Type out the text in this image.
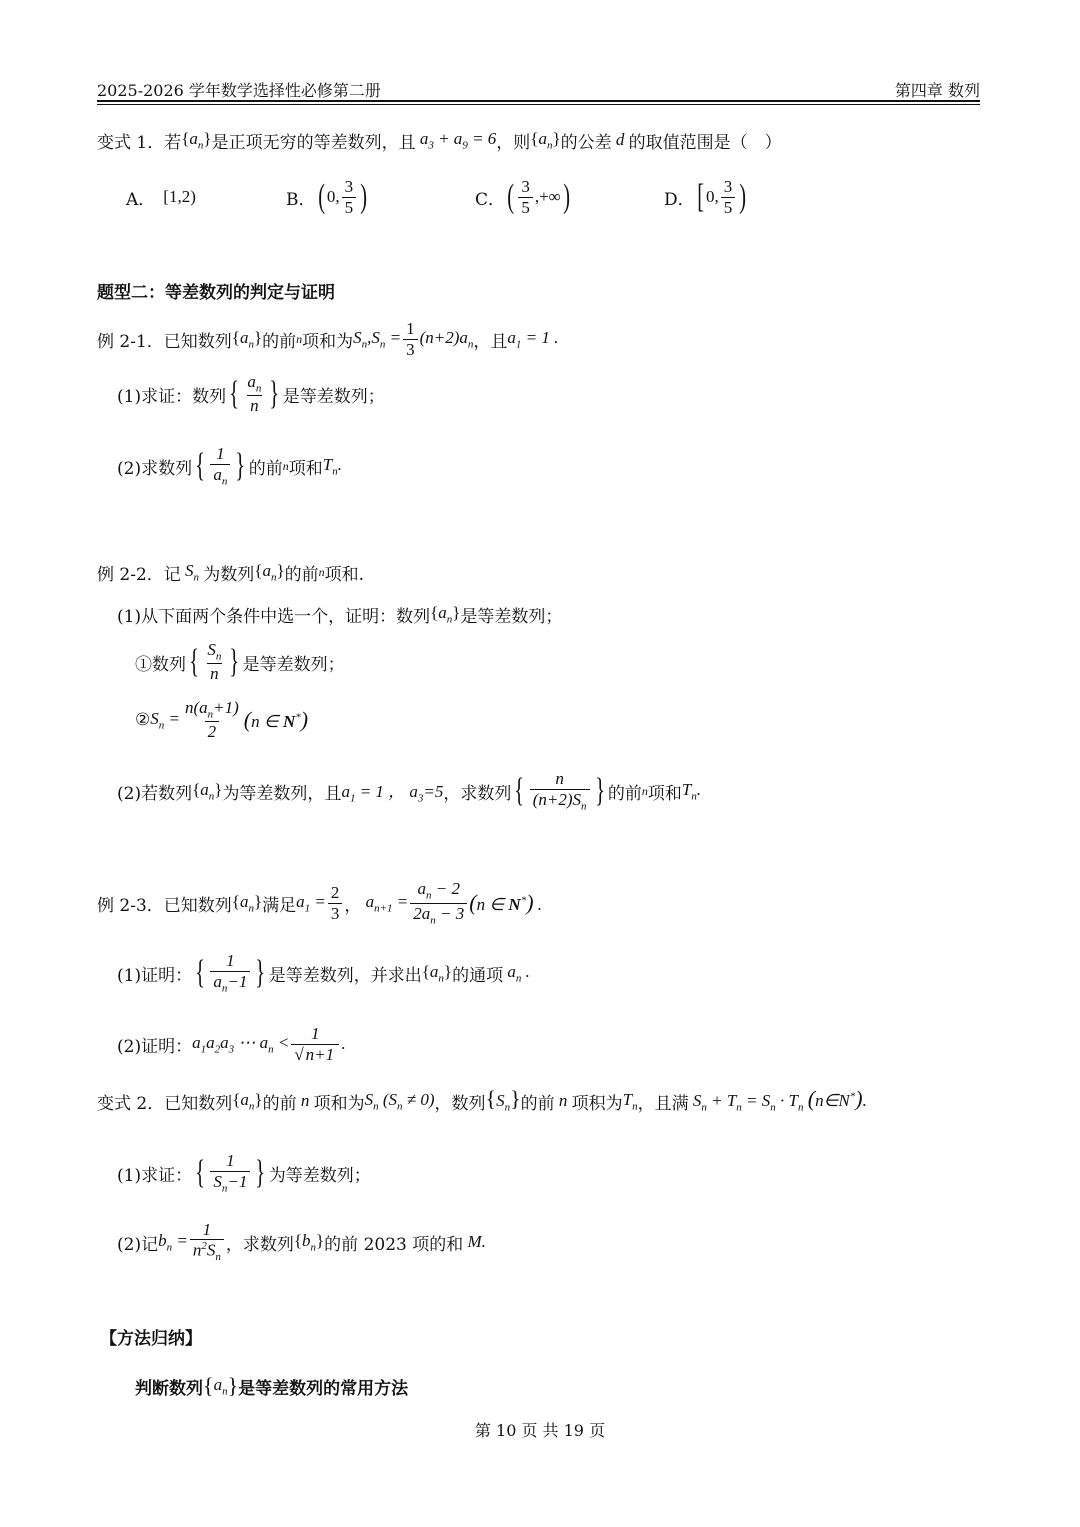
2025-2026 学年数学选择性必修第二册	第四章 数列
变式 1． 若 $\{a_n\}$ 是正项无穷的等差数列，且 $a_3 + a_9 = 6$ ，则 $\{a_n\}$ 的公差 d 的取值范围是（　）
A． [1,2)	B． ( 0, $\frac{3}{5}$ )	C． ( $\frac{3}{5}$ ,+∞ )	D． [ 0, $\frac{3}{5}$ )
题型二：等差数列的判定与证明
例 2-1． 已知数列 $\{a_n\}$ 的前 n 项和为 $S_n,S_n = \frac{1}{3} (n+2)a_n$ ，且 $a_1 = 1$ .
(1)求证：数列 { $\frac{a_n}{n}$ } 是等差数列；
(2)求数列 { $\frac{1}{a_n}$ } 的前 n 项和 $T_n$.
例 2-2． 记 $S_n$ 为数列 $\{a_n\}$ 的前 n 项和.
(1)从下面两个条件中选一个，证明：数列 $\{a_n\}$ 是等差数列；
①数列 { $\frac{S_n}{n}$ } 是等差数列；
② $S_n = \frac{n(a_n+1)}{2} (n$ ∈ N*)
(2)若数列 $\{a_n\}$ 为等差数列，且 $a_1 = 1$ ， $a_3=5$ ，求数列 { $\frac{n}{(n+2)S_n}$ } 的前 n 项和 $T_n$.
例 2-3． 已知数列 $\{a_n\}$ 满足 $a_1 = \frac{2}{3}$ ， $a_{n+1} = \frac{a_n - 2}{2a_n - 3} (n$ ∈ N*) .
(1)证明： { $\frac{1}{a_n-1}$ } 是等差数列，并求出 $\{a_n\}$ 的通项 $a_n$ .
(2)证明： $a_1a_2a_3$ ⋯ $a_n < \frac{1}{√ n+1}$ .
变式 2． 已知数列 $\{a_n\}$ 的前 n 项和为 $S_n$ $(S_n \ne 0)$ ，数列 $\{S_n\}$ 的前 n 项积为 $T_n$ ，且满 $S_n + T_n = S_n \cdot T_n$ (n∈N*).
(1)求证： { $\frac{1}{S_n-1}$ } 为等差数列；
(2)记 $b_n = \frac{1}{n^2S_n}$ ，求数列 $\{b_n\}$ 的前 2023 项的和 M.
【方法归纳】
判断数列 { $a_n$ } 是等差数列的常用方法
第 10 页 共 19 页
